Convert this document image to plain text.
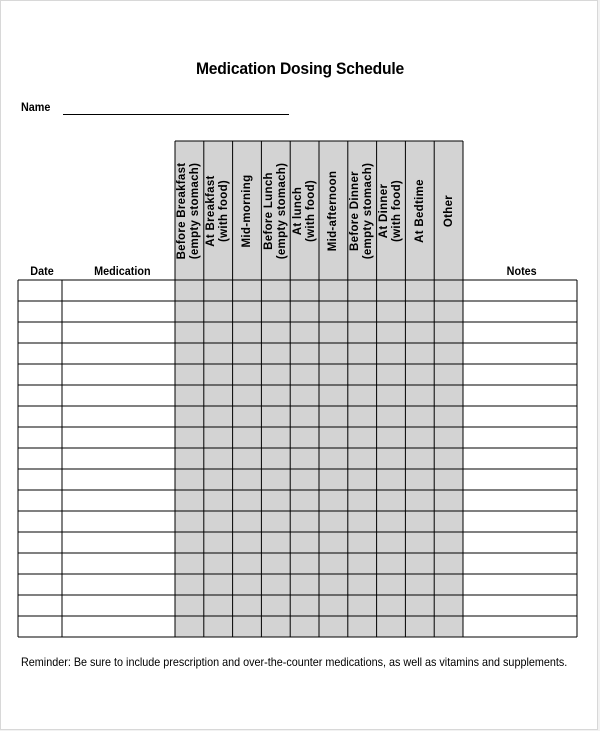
Medication Dosing Schedule
Name
Date	Medication	Notes
Before Breakfast (empty stomach) At Breakfast (with food) Mid-morning Before Lunch (empty stomach) At lunch (with food) Mid-afternoon Before Dinner (empty stomach) At Dinner (with food) At Bedtime Other
Reminder: Be sure to include prescription and over-the-counter medications, as well as vitamins and supplements.
